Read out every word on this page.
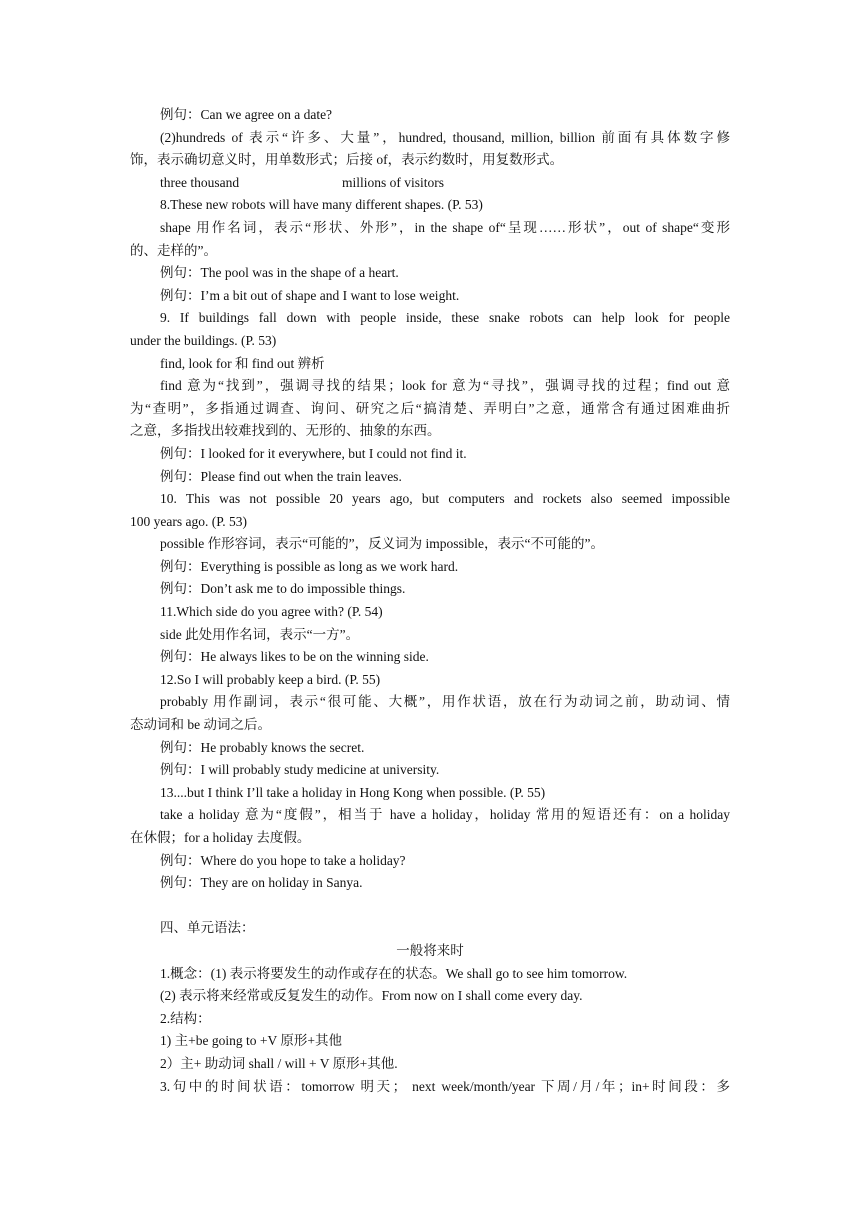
例句：Can we agree on a date?
(2)hundreds of 表示“许多、大量”，hundred, thousand, million, billion 前面有具体数字修
饰，表示确切意义时，用单数形式；后接 of，表示约数时，用复数形式。
three thousand	millions of visitors
8.These new robots will have many different shapes. (P. 53)
shape 用作名词，表示“形状、外形”，in the shape of“呈现……形状”，out of shape“变形
的、走样的”。
例句：The pool was in the shape of a heart.
例句：I’m a bit out of shape and I want to lose weight.
9. If buildings fall down with people inside, these snake robots can help look for people
under the buildings. (P. 53)
find, look for 和 find out 辨析
find 意为“找到”，强调寻找的结果；look for 意为“寻找”，强调寻找的过程；find out 意
为“查明”，多指通过调查、询问、研究之后“搞清楚、弄明白”之意，通常含有通过困难曲折
之意，多指找出较难找到的、无形的、抽象的东西。
例句：I looked for it everywhere, but I could not find it.
例句：Please find out when the train leaves.
10. This was not possible 20 years ago, but computers and rockets also seemed impossible
100 years ago. (P. 53)
possible 作形容词，表示“可能的”，反义词为 impossible，表示“不可能的”。
例句：Everything is possible as long as we work hard.
例句：Don’t ask me to do impossible things.
11.Which side do you agree with? (P. 54)
side 此处用作名词，表示“一方”。
例句：He always likes to be on the winning side.
12.So I will probably keep a bird. (P. 55)
probably 用作副词，表示“很可能、大概”，用作状语，放在行为动词之前，助动词、情
态动词和 be 动词之后。
例句：He probably knows the secret.
例句：I will probably study medicine at university.
13....but I think I’ll take a holiday in Hong Kong when possible. (P. 55)
take a holiday 意为“度假”，相当于 have a holiday，holiday 常用的短语还有：on a holiday
在休假；for a holiday 去度假。
例句：Where do you hope to take a holiday?
例句：They are on holiday in Sanya.
四、单元语法：
一般将来时
1.概念：(1) 表示将要发生的动作或存在的状态。We shall go to see him tomorrow.
(2) 表示将来经常或反复发生的动作。From now on I shall come every day.
2.结构：
1) 主+be going to +V 原形+其他
2）主+ 助动词 shall / will + V 原形+其他.
3.句中的时间状语：tomorrow 明天； next week/month/year 下周/月/年；in+时间段：多
